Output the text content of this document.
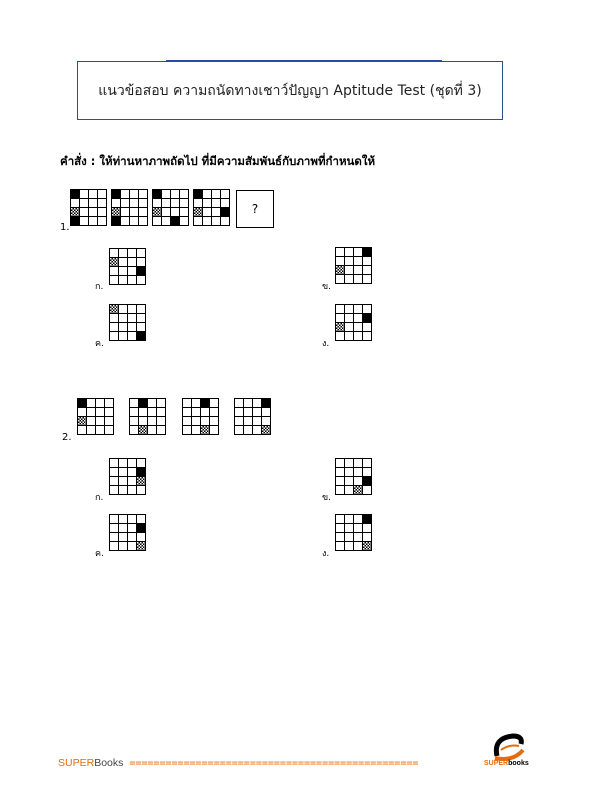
แนวข้อสอบ ความถนัดทางเชาว์ปัญญา Aptitude Test (ชุดที่ 3)
คำสั่ง : ให้ท่านหาภาพถัดไป ที่มีความสัมพันธ์กับภาพที่กำหนดให้
?
1.
ก.	ข.
ค.	ง.
2.
ก.	ข.
ค.	ง.
SUPERBooks ================================================	SUPERbooks
